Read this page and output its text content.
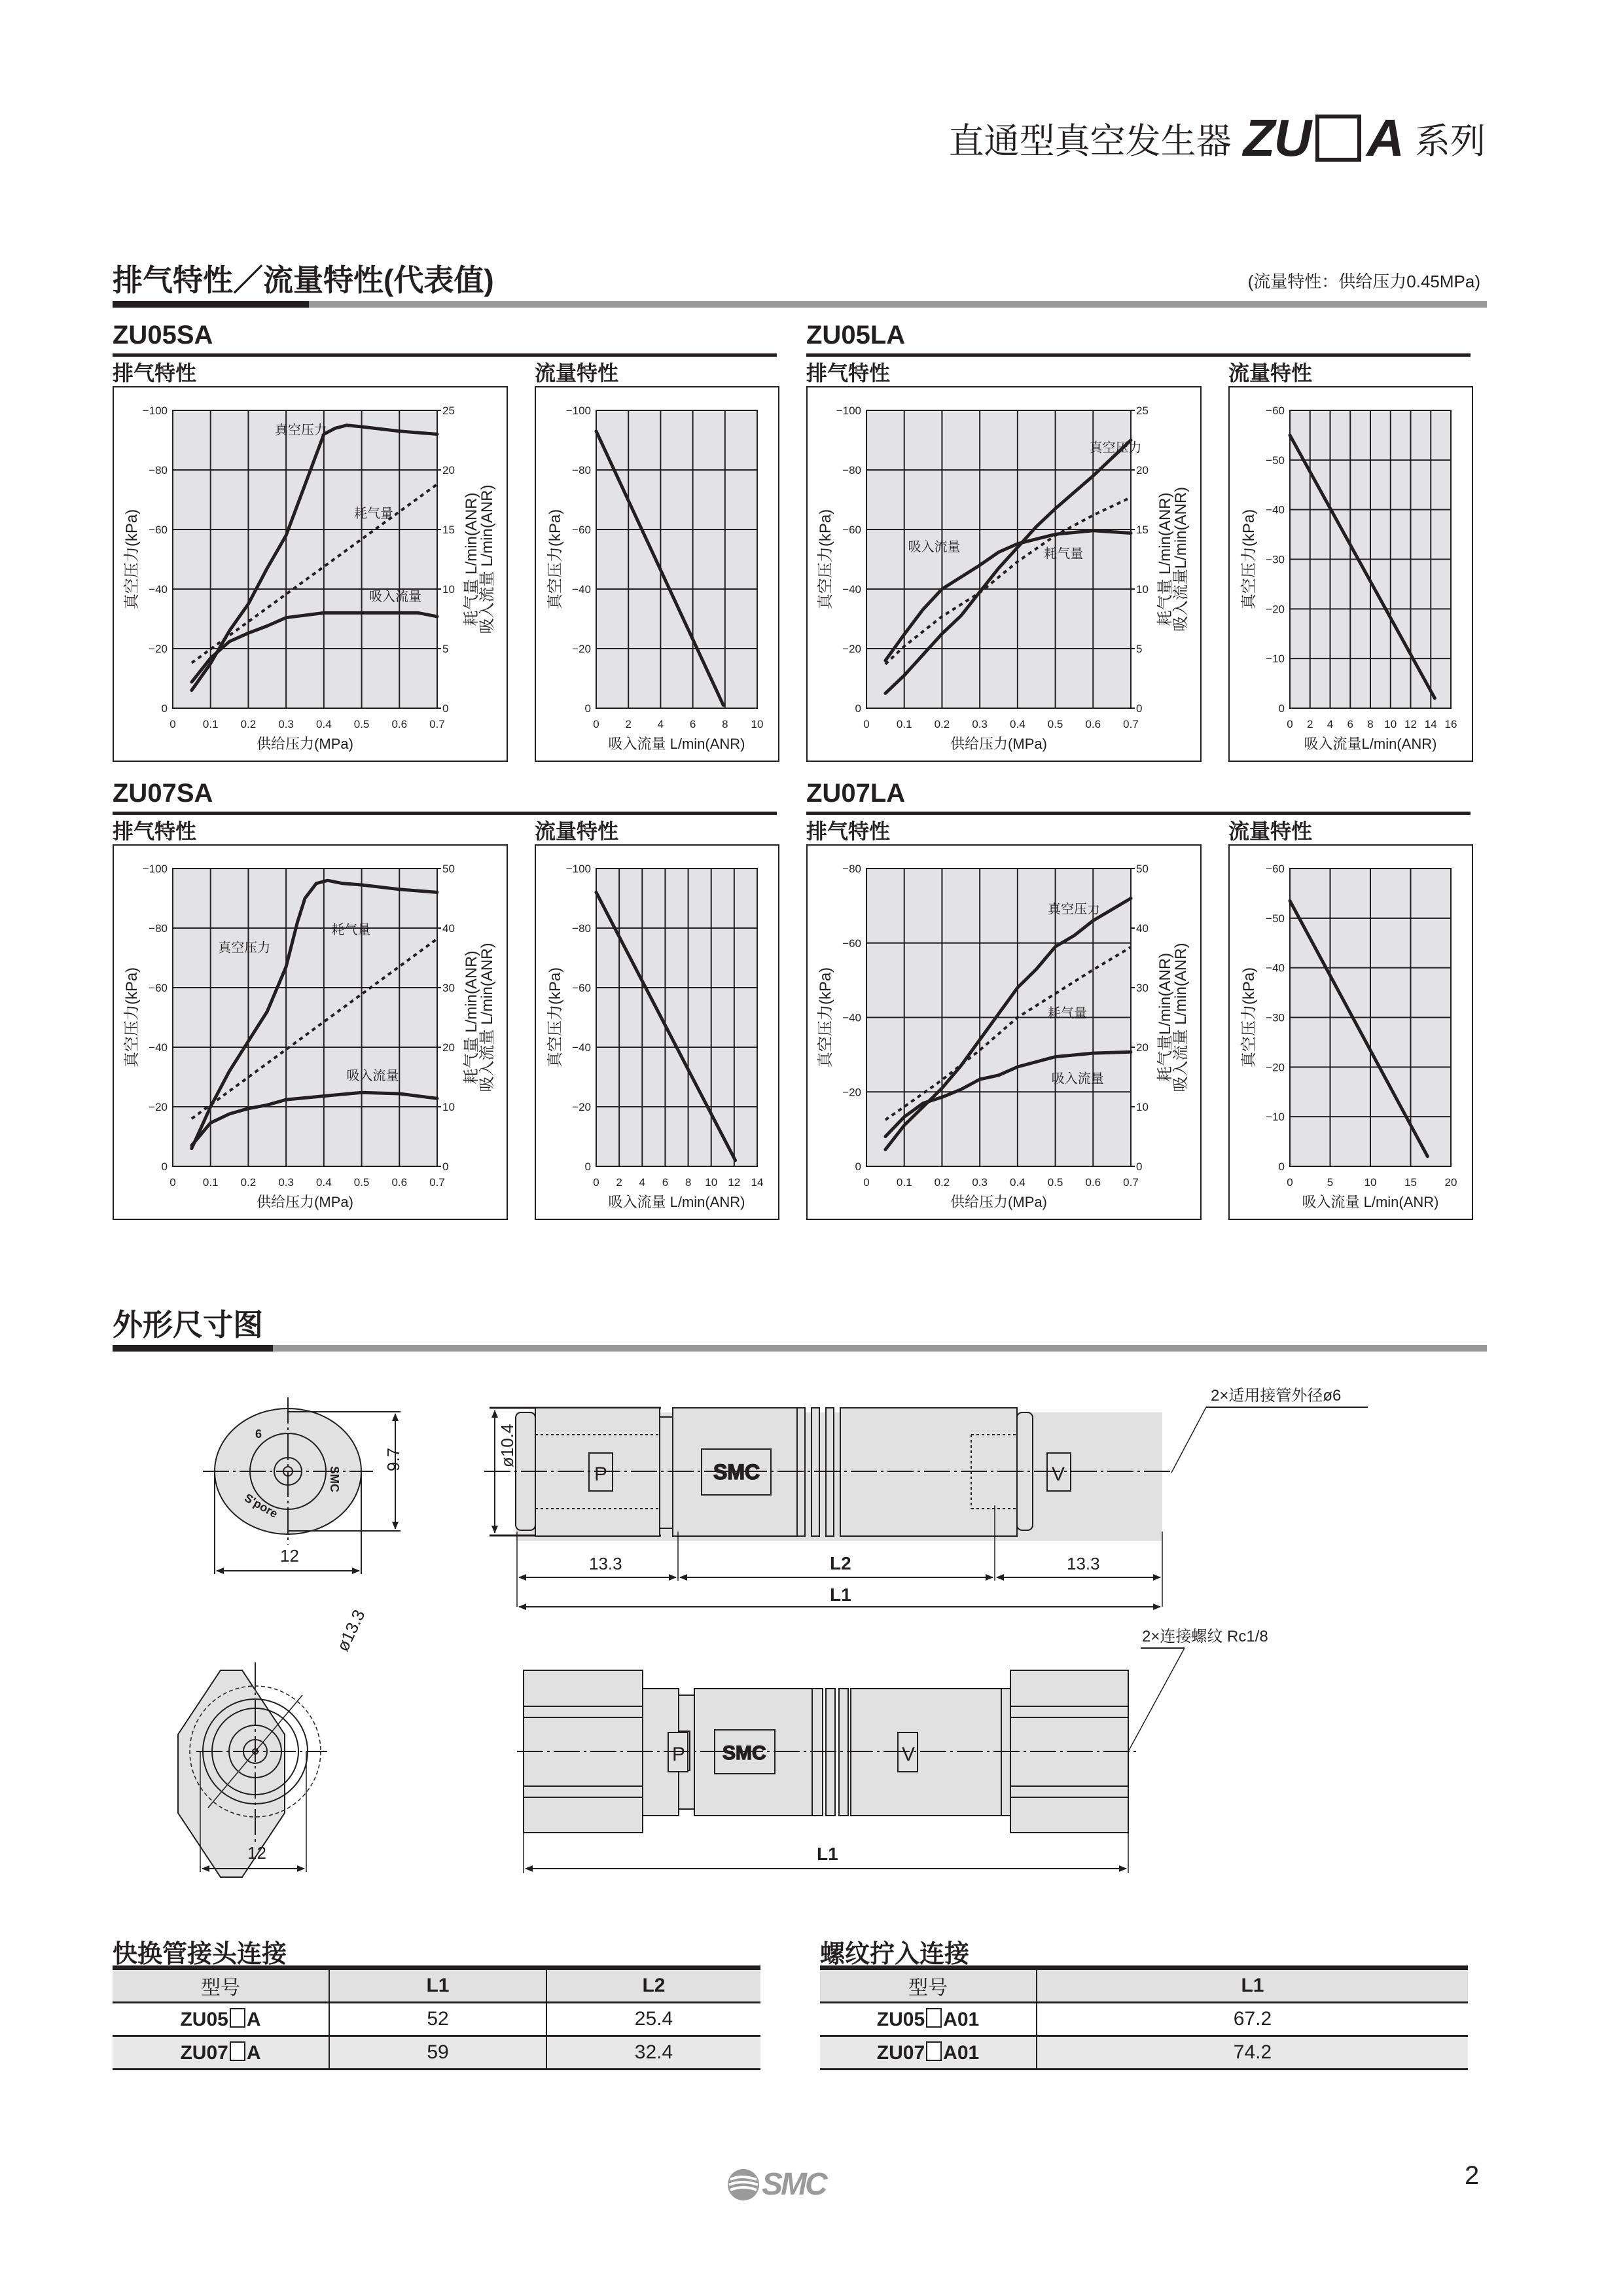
直通型真空发生器 ZU A 系列
排气特性／流量特性(代表值)	(流量特性：供给压力0.45MPa)
ZU05SA
排气特性	流量特性
0 0.1 0.2 0.3 0.4 0.5 0.6 0.7
0
−20
−40
−60
−80
−100
0
5
10
15
20
25
真空压力
耗气量
吸入流量
供给压力(MPa)
真空压力(kPa)	耗气量 L/min(ANR)
吸入流量 L/min(ANR)
0 2 4 6 8 10
0
−20
−40
−60
−80
−100
吸入流量 L/min(ANR)
真空压力(kPa)
ZU05LA
排气特性	流量特性
0 0.1 0.2 0.3 0.4 0.5 0.6 0.7
0
−20
−40
−60
−80
−100
0
5
10
15
20
25
真空压力
耗气量
吸入流量
供给压力(MPa)
真空压力(kPa)	耗气量 L/min(ANR)
吸入流量L/min(ANR)
0 2 4 6 8 10 12 14 16
0
−10
−20
−30
−40
−50
−60
吸入流量L/min(ANR)
真空压力(kPa)
ZU07SA
排气特性	流量特性
0 0.1 0.2 0.3 0.4 0.5 0.6 0.7
0
−20
−40
−60
−80
−100
0
10
20
30
40
50
真空压力
耗气量
吸入流量
供给压力(MPa)
真空压力(kPa)	耗气量 L/min(ANR)
吸入流量 L/min(ANR)
0 2 4 6 8 10 12 14
0
−20
−40
−60
−80
−100
吸入流量 L/min(ANR)
真空压力(kPa)
ZU07LA
排气特性	流量特性
0 0.1 0.2 0.3 0.4 0.5 0.6 0.7
0
−20
−40
−60
−80
0
10
20
30
40
50
真空压力
耗气量
吸入流量
供给压力(MPa)
真空压力(kPa)	耗气量L/min(ANR)
吸入流量 L/min(ANR)
0	5	10	15	20
0
−10
−20
−30
−40
−50
−60
吸入流量 L/min(ANR)
真空压力(kPa)
外形尺寸图
9
S'pore
SMC
9.7
12
P	SMC	V
ø10.4
13.3	L2	13.3
L1
2×适用接管外径ø6
ø13.3
12
P SMC	V
L1
2×连接螺纹 Rc1/8
快换管接头连接
型号	L1	L2
ZU05 A	52	25.4
ZU07 A	59	32.4
螺纹拧入连接
型号	L1
ZU05 A01	67.2
ZU07 A01	74.2
SMC	2
